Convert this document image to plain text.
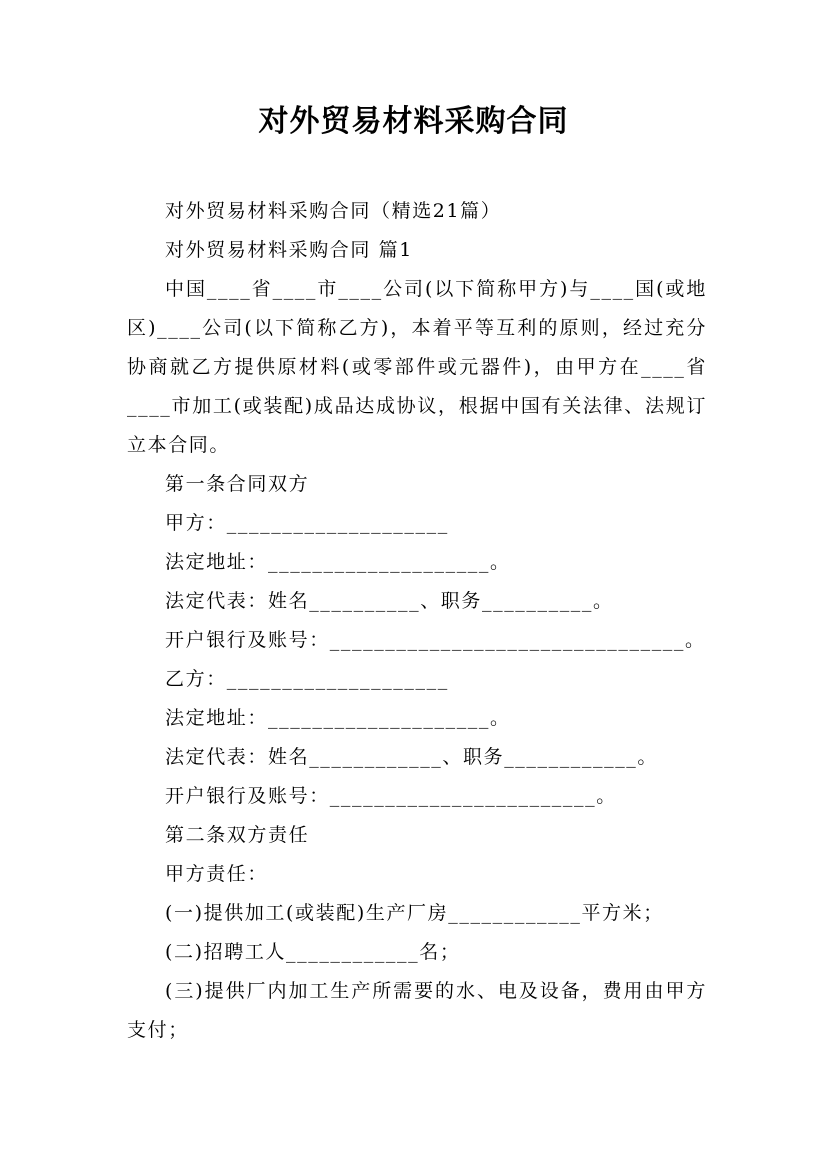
对外贸易材料采购合同

对外贸易材料采购合同（精选21篇）

对外贸易材料采购合同 篇1

中国____省____市____公司(以下简称甲方)与____国(或地区)____公司(以下简称乙方)，本着平等互利的原则，经过充分协商就乙方提供原材料(或零部件或元器件)，由甲方在____省____市加工(或装配)成品达成协议，根据中国有关法律、法规订立本合同。

第一条合同双方

甲方：____________________

法定地址：____________________。

法定代表：姓名__________、职务__________。

开户银行及账号：________________________________。

乙方：____________________

法定地址：____________________。

法定代表：姓名____________、职务____________。

开户银行及账号：________________________。

第二条双方责任

甲方责任：

(一)提供加工(或装配)生产厂房____________平方米；

(二)招聘工人____________名；

(三)提供厂内加工生产所需要的水、电及设备，费用由甲方支付；
